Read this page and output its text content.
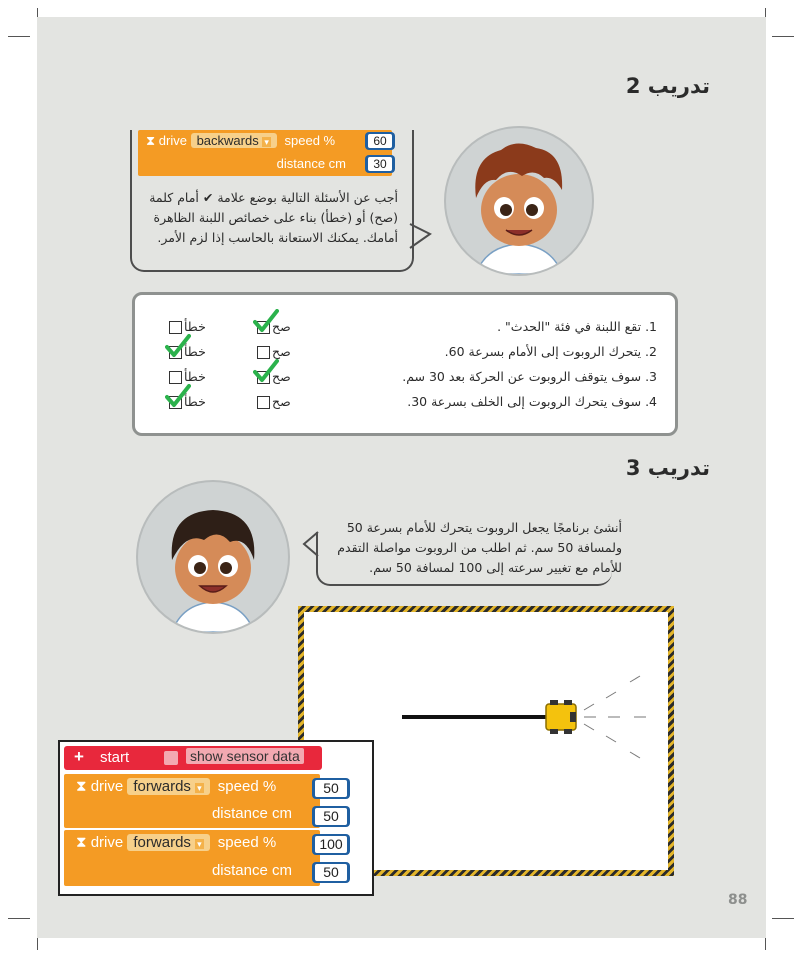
تدريب 2
⧗ drive backwards ▾ speed %
distance cm
60
30
أجب عن الأسئلة التالية بوضع علامة ✔ أمام كلمة
(صح) أو (خطأ) بناء على خصائص اللبنة الظاهرة
أمامك. يمكنك الاستعانة بالحاسب إذا لزم الأمر.
1. تقع اللبنة في فئة "الحدث" .
2. يتحرك الروبوت إلى الأمام بسرعة 60.
3. سوف يتوقف الروبوت عن الحركة بعد 30 سم.
4. سوف يتحرك الروبوت إلى الخلف بسرعة 30.
صح
خطأ
صح
خطأ
صح
خطأ
صح
خطأ
تدريب 3
أنشئ برنامجًا يجعل الروبوت يتحرك للأمام بسرعة 50
ولمسافة 50 سم. ثم اطلب من الروبوت مواصلة التقدم
للأمام مع تغيير سرعته إلى 100 لمسافة 50 سم.
+ start	show sensor data
⧗ drive forwards ▾ speed %
distance cm
50
50
⧗ drive forwards ▾ speed %
distance cm
100
50
88
